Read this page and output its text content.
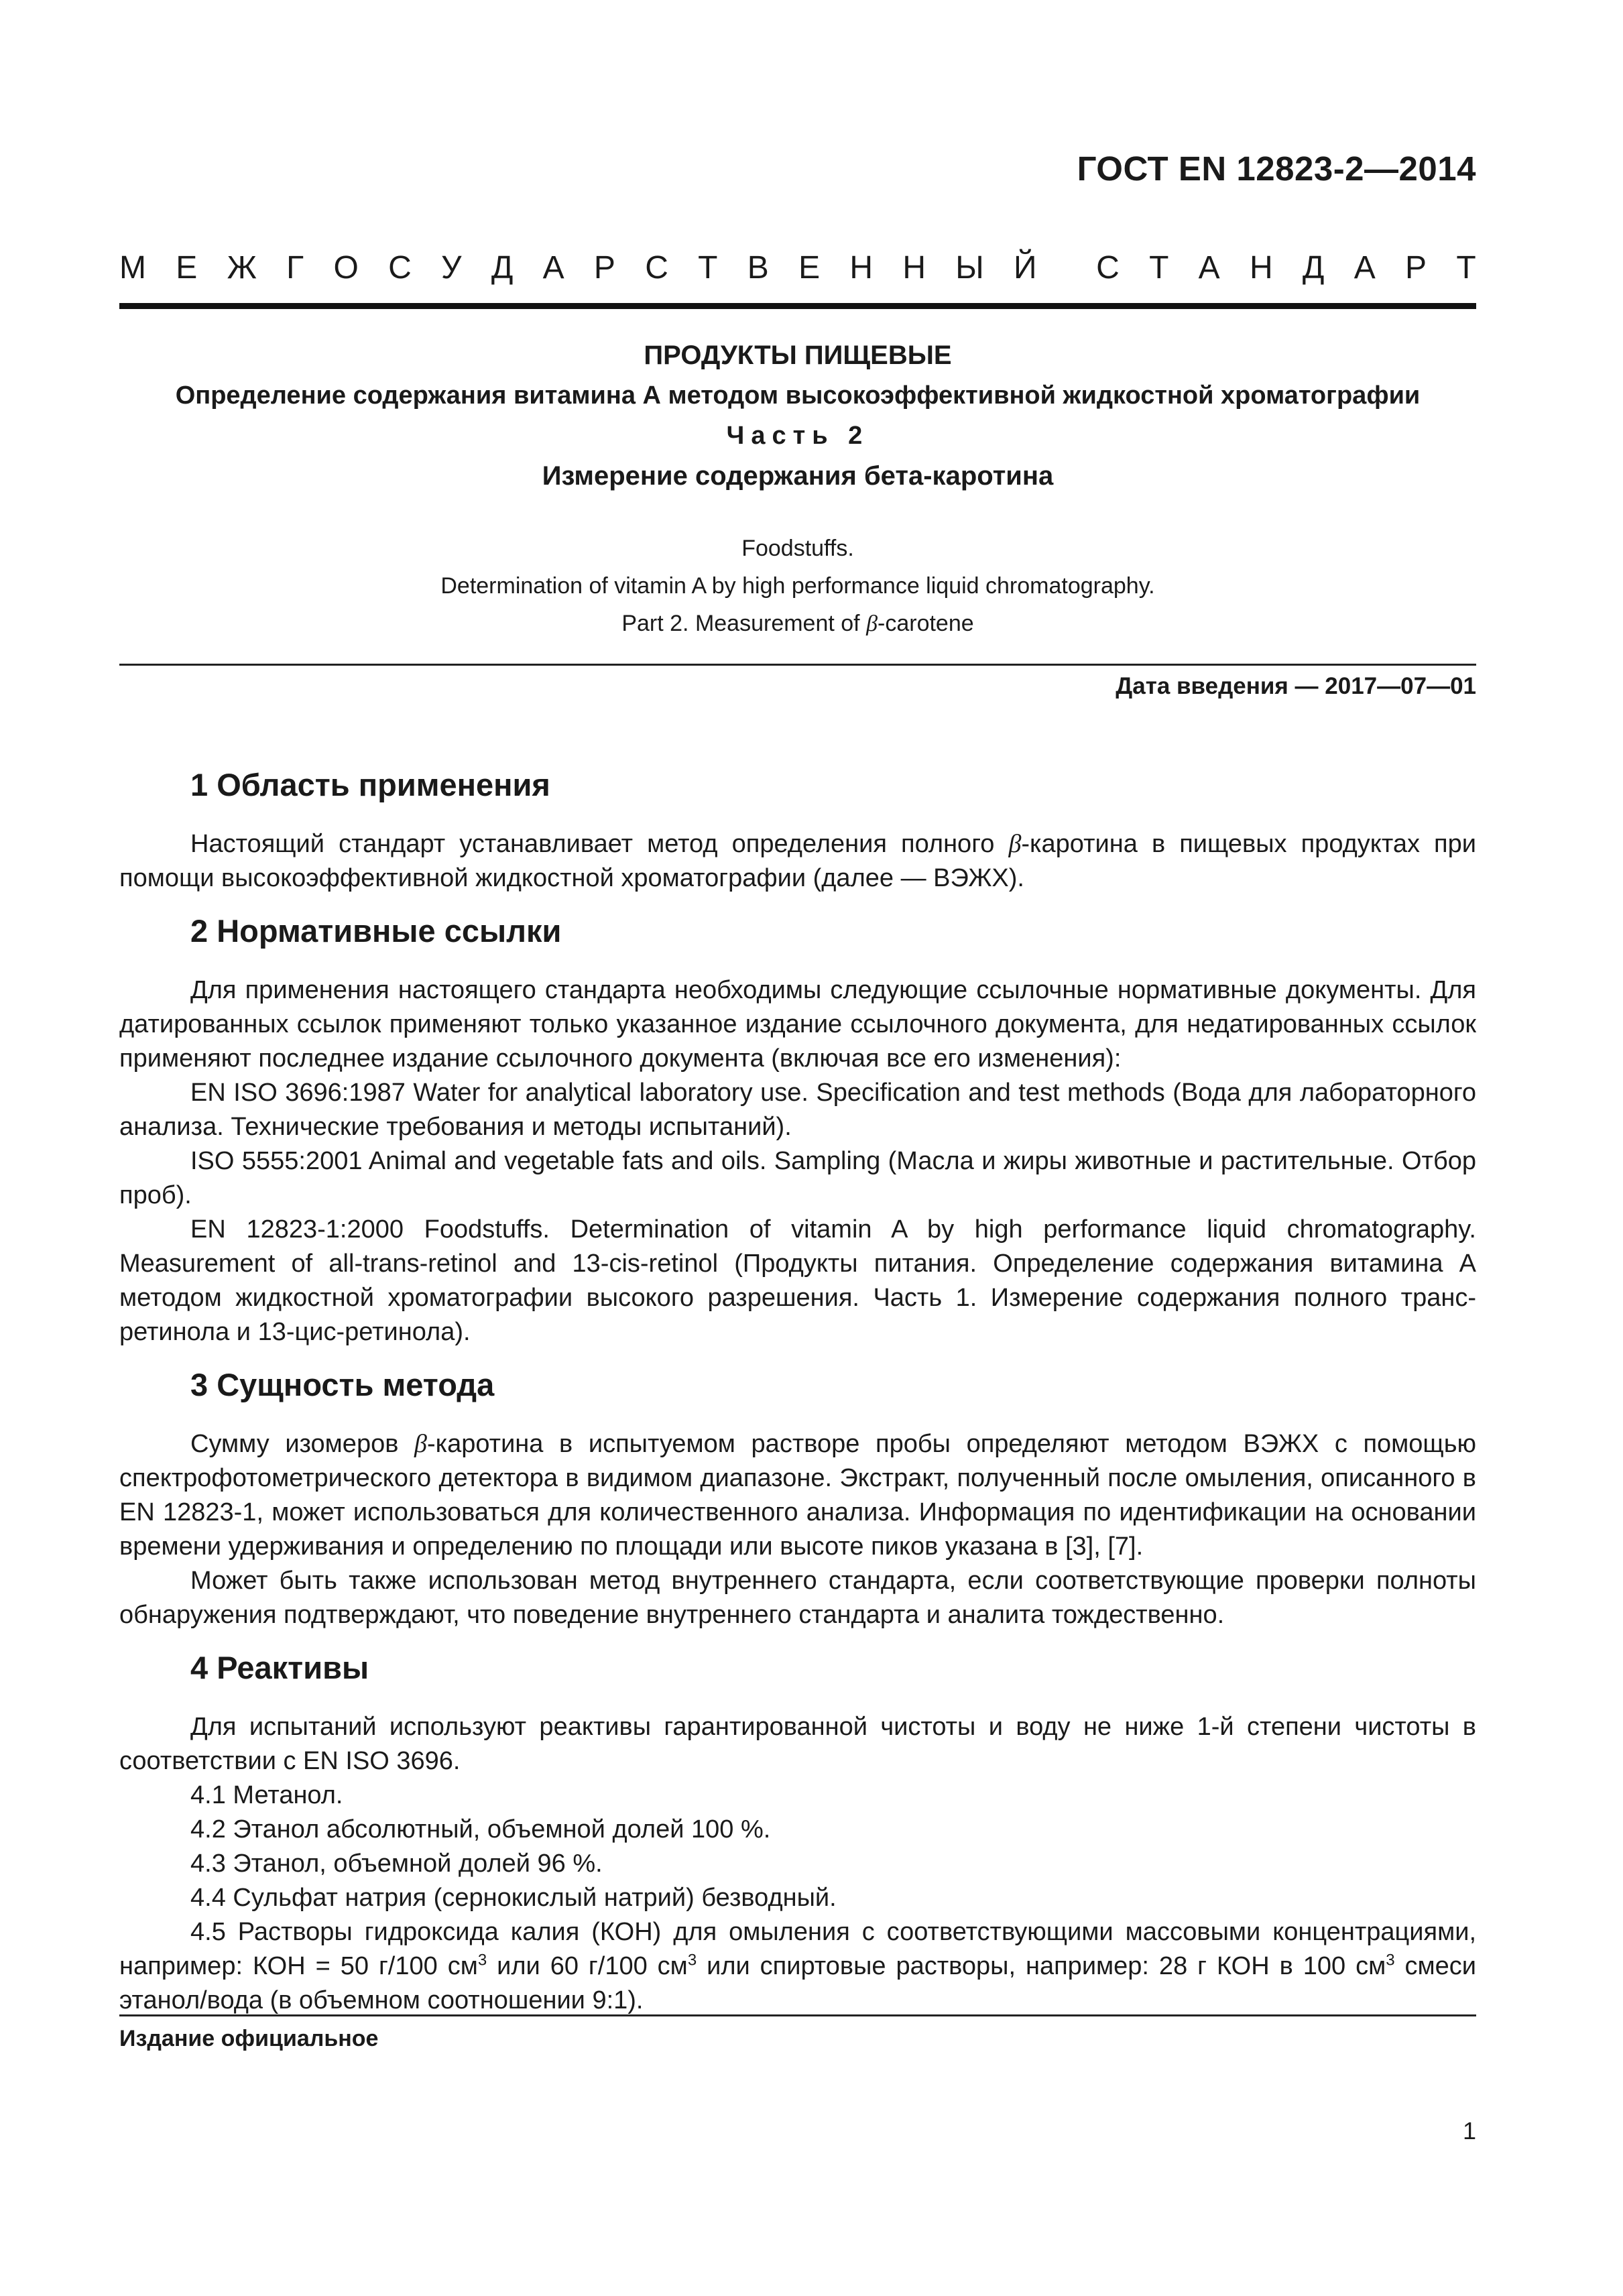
ГОСТ EN 12823-2—2014
М Е Ж Г О С У Д А Р С Т В Е Н Н Ы Й С Т А Н Д А Р Т
ПРОДУКТЫ ПИЩЕВЫЕ
Определение содержания витамина А методом высокоэффективной жидкостной хроматографии
Часть 2
Измерение содержания бета-каротина
Foodstuffs.
Determination of vitamin A by high performance liquid chromatography.
Part 2. Measurement of β-carotene
Дата введения — 2017—07—01
1 Область применения

Настоящий стандарт устанавливает метод определения полного β-каротина в пищевых продуктах при помощи высокоэффективной жидкостной хроматографии (далее — ВЭЖХ).

2 Нормативные ссылки

Для применения настоящего стандарта необходимы следующие ссылочные нормативные документы. Для датированных ссылок применяют только указанное издание ссылочного документа, для недатированных ссылок применяют последнее издание ссылочного документа (включая все его изменения):

EN ISO 3696:1987 Water for analytical laboratory use. Specification and test methods (Вода для лабораторного анализа. Технические требования и методы испытаний).

ISO 5555:2001 Animal and vegetable fats and oils. Sampling (Масла и жиры животные и растительные. Отбор проб).

EN 12823-1:2000 Foodstuffs. Determination of vitamin A by high performance liquid chromatography. Measurement of all-trans-retinol and 13-cis-retinol (Продукты питания. Определение содержания витамина А методом жидкостной хроматографии высокого разрешения. Часть 1. Измерение содержания полного транс-ретинола и 13-цис-ретинола).

3 Сущность метода

Сумму изомеров β-каротина в испытуемом растворе пробы определяют методом ВЭЖХ с помощью спектрофотометрического детектора в видимом диапазоне. Экстракт, полученный после омыления, описанного в EN 12823-1, может использоваться для количественного анализа. Информация по идентификации на основании времени удерживания и определению по площади или высоте пиков указана в [3], [7].

Может быть также использован метод внутреннего стандарта, если соответствующие проверки полноты обнаружения подтверждают, что поведение внутреннего стандарта и аналита тождественно.

4 Реактивы

Для испытаний используют реактивы гарантированной чистоты и воду не ниже 1-й степени чистоты в соответствии с EN ISO 3696.

4.1 Метанол.

4.2 Этанол абсолютный, объемной долей 100 %.

4.3 Этанол, объемной долей 96 %.

4.4 Сульфат натрия (сернокислый натрий) безводный.

4.5 Растворы гидроксида калия (КОН) для омыления с соответствующими массовыми концентрациями, например: КОН = 50 г/100 $см^3$ или 60 г/100 $см^3$ или спиртовые растворы, например: 28 г КОН в 100 $см^3$ смеси этанол/вода (в объемном соотношении 9:1).

Издание официальное
1
